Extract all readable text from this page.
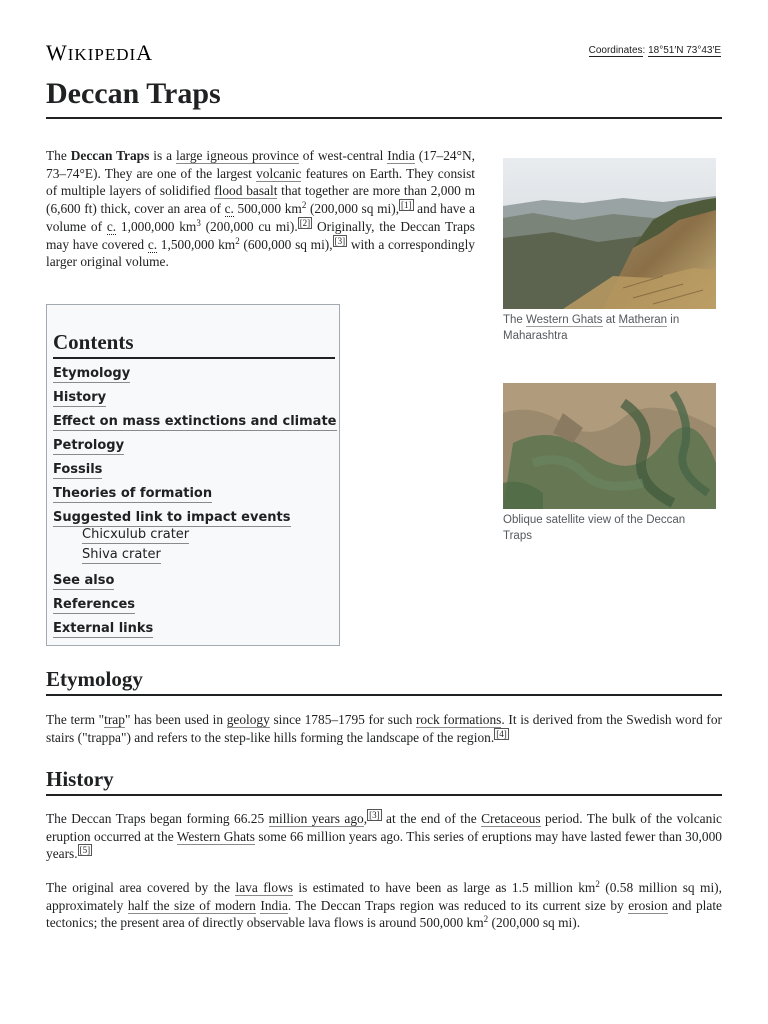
WIKIPEDIA	Coordinates: 18°51′N 73°43′E
Deccan Traps

The Deccan Traps is a large igneous province of west-central India (17–24°N, 73–74°E). They are one of the largest volcanic features on Earth. They consist of multiple layers of solidified flood basalt that together are more than 2,000 m (6,600 ft) thick, cover an area of c. 500,000 $km^2$ (200,000 sq mi), [1] and have a volume of c. 1,000,000 $km^3$ (200,000 cu mi). [2] Originally, the Deccan Traps may have covered c. 1,500,000 $km^2$ (600,000 sq mi), [3] with a correspondingly larger original volume.

The Western Ghats at Matheran in Maharashtra
Oblique satellite view of the Deccan Traps
Contents
Etymology
History
Effect on mass extinctions and climate
Petrology
Fossils
Theories of formation
Suggested link to impact events
Chicxulub crater
Shiva crater
See also
References
External links
Etymology

The term "trap" has been used in geology since 1785–1795 for such rock formations. It is derived from the Swedish word for stairs ("trappa") and refers to the step-like hills forming the landscape of the region. [4]

History

The Deccan Traps began forming 66.25 million years ago, [3] at the end of the Cretaceous period. The bulk of the volcanic eruption occurred at the Western Ghats some 66 million years ago. This series of eruptions may have lasted fewer than 30,000 years. [5]

The original area covered by the lava flows is estimated to have been as large as 1.5 million $km^2$ (0.58 million sq mi), approximately half the size of modern India. The Deccan Traps region was reduced to its current size by erosion and plate tectonics; the present area of directly observable lava flows is around 500,000 $km^2$ (200,000 sq mi).
